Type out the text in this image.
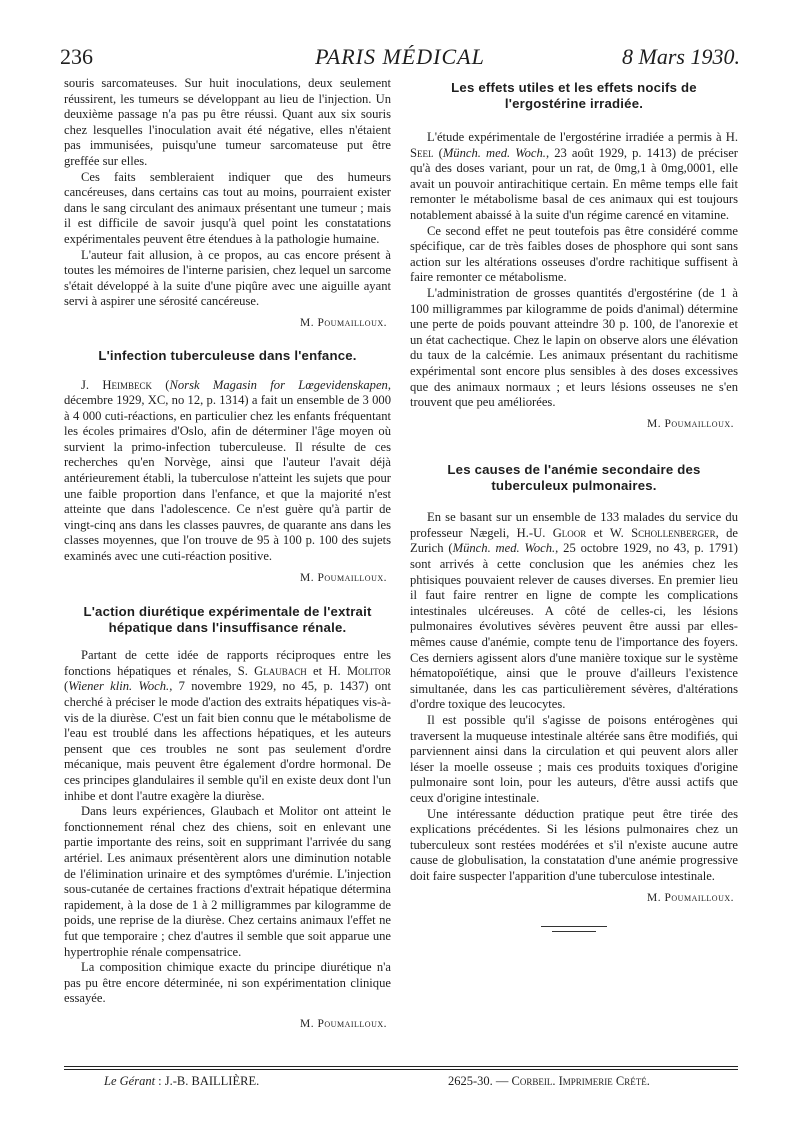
236	PARIS MÉDICAL	8 Mars 1930.

souris sarcomateuses. Sur huit inoculations, deux seulement réussirent, les tumeurs se développant au lieu de l'injection. Un deuxième passage n'a pas pu être réussi. Quant aux six souris chez lesquelles l'inoculation avait été négative, elles n'étaient pas immunisées, puisqu'une tumeur sarcomateuse put être greffée sur elles.

Ces faits sembleraient indiquer que des humeurs cancéreuses, dans certains cas tout au moins, pourraient exister dans le sang circulant des animaux présentant une tumeur ; mais il est difficile de savoir jusqu'à quel point les constatations expérimentales peuvent être étendues à la pathologie humaine.

L'auteur fait allusion, à ce propos, au cas encore présent à toutes les mémoires de l'interne parisien, chez lequel un sarcome s'était développé à la suite d'une piqûre avec une aiguille ayant servi à aspirer une sérosité cancéreuse.

M. Poumailloux.
L'infection tuberculeuse dans l'enfance.

J. Heimbeck (Norsk Magasin for Lœgevidenskapen, décembre 1929, XC, no 12, p. 1314) a fait un ensemble de 3 000 à 4 000 cuti-réactions, en particulier chez les enfants fréquentant les écoles primaires d'Oslo, afin de déterminer l'âge moyen où survient la primo-infection tuberculeuse. Il résulte de ces recherches qu'en Norvège, ainsi que l'auteur l'avait déjà antérieurement établi, la tuberculose n'atteint les sujets que pour une faible proportion dans l'enfance, et que la majorité n'est atteinte que dans l'adolescence. Ce n'est guère qu'à partir de vingt-cinq ans dans les classes pauvres, de quarante ans dans les classes moyennes, que l'on trouve de 95 à 100 p. 100 des sujets examinés avec une cuti-réaction positive.

M. Poumailloux.
L'action diurétique expérimentale de l'extrait
hépatique dans l'insuffisance rénale.

Partant de cette idée de rapports réciproques entre les fonctions hépatiques et rénales, S. Glaubach et H. Molitor (Wiener klin. Woch., 7 novembre 1929, no 45, p. 1437) ont cherché à préciser le mode d'action des extraits hépatiques vis-à-vis de la diurèse. C'est un fait bien connu que le métabolisme de l'eau est troublé dans les affections hépatiques, et les auteurs pensent que ces troubles ne sont pas seulement d'ordre mécanique, mais peuvent être également d'ordre hormonal. De ces principes glandulaires il semble qu'il en existe deux dont l'un inhibe et dont l'autre exagère la diurèse.

Dans leurs expériences, Glaubach et Molitor ont atteint le fonctionnement rénal chez des chiens, soit en enlevant une partie importante des reins, soit en supprimant l'arrivée du sang artériel. Les animaux présentèrent alors une diminution notable de l'élimination urinaire et des symptômes d'urémie. L'injection sous-cutanée de certaines fractions d'extrait hépatique détermina rapidement, à la dose de 1 à 2 milligrammes par kilogramme de poids, une reprise de la diurèse. Chez certains animaux l'effet ne fut que temporaire ; chez d'autres il semble que soit apparue une hypertrophie rénale compensatrice.

La composition chimique exacte du principe diurétique n'a pas pu être encore déterminée, ni son expérimentation clinique essayée.

M. Poumailloux.
Les effets utiles et les effets nocifs de
l'ergostérine irradiée.

L'étude expérimentale de l'ergostérine irradiée a permis à H. Seel (Münch. med. Woch., 23 août 1929, p. 1413) de préciser qu'à des doses variant, pour un rat, de 0mg,1 à 0mg,0001, elle avait un pouvoir antirachitique certain. En même temps elle fait remonter le métabolisme basal de ces animaux qui est toujours notablement abaissé à la suite d'un régime carencé en vitamine.

Ce second effet ne peut toutefois pas être considéré comme spécifique, car de très faibles doses de phosphore qui sont sans action sur les altérations osseuses d'ordre rachitique suffisent à faire remonter ce métabolisme.

L'administration de grosses quantités d'ergostérine (de 1 à 100 milligrammes par kilogramme de poids d'animal) détermine une perte de poids pouvant atteindre 30 p. 100, de l'anorexie et un état cachectique. Chez le lapin on observe alors une élévation du taux de la calcémie. Les animaux présentant du rachitisme expérimental sont encore plus sensibles à des doses excessives que des animaux normaux ; et leurs lésions osseuses ne s'en trouvent que peu améliorées.

M. Poumailloux.
Les causes de l'anémie secondaire des
tuberculeux pulmonaires.

En se basant sur un ensemble de 133 malades du service du professeur Nægeli, H.-U. Gloor et W. Schollenberger, de Zurich (Münch. med. Woch., 25 octobre 1929, no 43, p. 1791) sont arrivés à cette conclusion que les anémies chez les phtisiques pouvaient relever de causes diverses. En premier lieu il faut faire rentrer en ligne de compte les complications intestinales ulcéreuses. A côté de celles-ci, les lésions pulmonaires évolutives sévères peuvent être aussi par elles-mêmes cause d'anémie, compte tenu de l'importance des foyers. Ces derniers agissent alors d'une manière toxique sur le système hématopoïétique, ainsi que le prouve d'ailleurs l'existence simultanée, dans les cas particulièrement sévères, d'altérations d'ordre toxique des leucocytes.

Il est possible qu'il s'agisse de poisons entérogènes qui traversent la muqueuse intestinale altérée sans être modifiés, qui parviennent ainsi dans la circulation et qui peuvent alors aller léser la moelle osseuse ; mais ces produits toxiques d'origine pulmonaire sont loin, pour les auteurs, d'être aussi actifs que ceux d'origine intestinale.

Une intéressante déduction pratique peut être tirée des explications précédentes. Si les lésions pulmonaires chez un tuberculeux sont restées modérées et s'il n'existe aucune autre cause de globulisation, la constatation d'une anémie progressive doit faire suspecter l'apparition d'une tuberculose intestinale.

M. Poumailloux.
Le Gérant : J.-B. BAILLIÈRE.	2625-30. — Corbeil. Imprimerie Crété.
